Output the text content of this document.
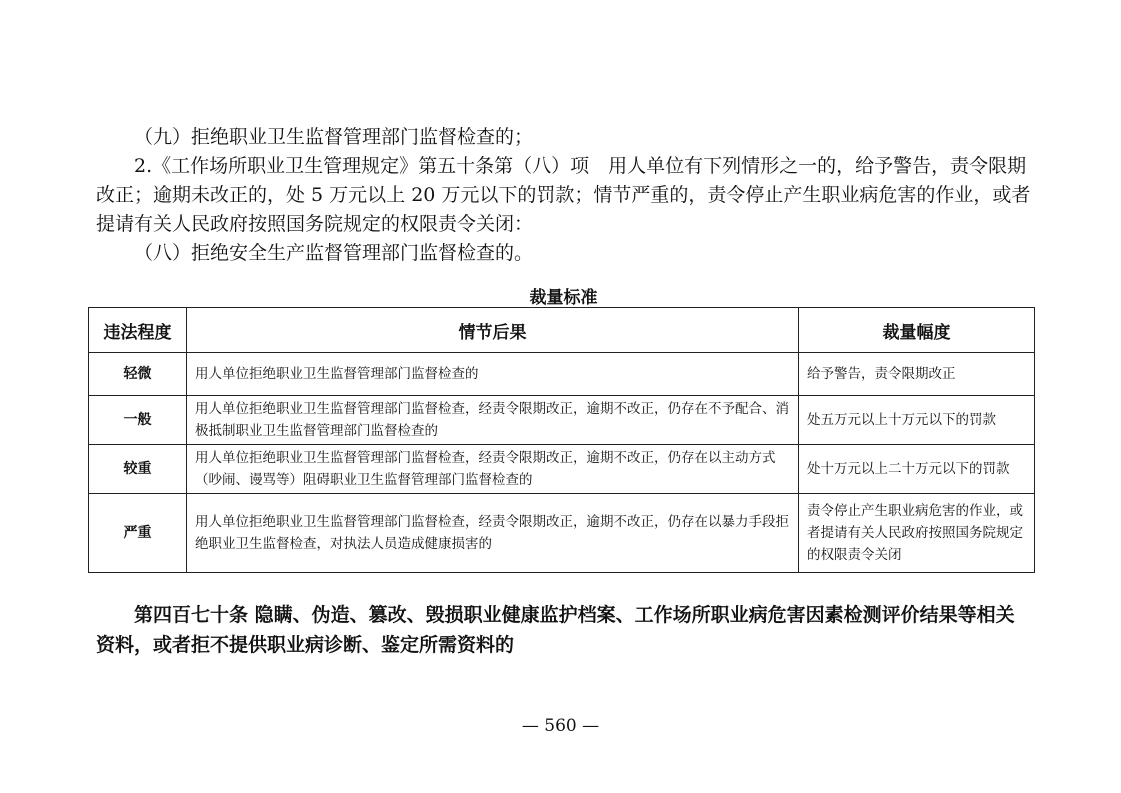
（九）拒绝职业卫生监督管理部门监督检查的；

2.《工作场所职业卫生管理规定》第五十条第（八）项　用人单位有下列情形之一的，给予警告，责令限期改正；逾期未改正的，处 5 万元以上 20 万元以下的罚款；情节严重的，责令停止产生职业病危害的作业，或者提请有关人民政府按照国务院规定的权限责令关闭：

（八）拒绝安全生产监督管理部门监督检查的。

裁量标准
违法程度	情节后果	裁量幅度
轻微	用人单位拒绝职业卫生监督管理部门监督检查的	给予警告，责令限期改正
一般	用人单位拒绝职业卫生监督管理部门监督检查，经责令限期改正，逾期不改正，仍存在不予配合、消极抵制职业卫生监督管理部门监督检查的	处五万元以上十万元以下的罚款
较重	用人单位拒绝职业卫生监督管理部门监督检查，经责令限期改正，逾期不改正，仍存在以主动方式（吵闹、谩骂等）阻碍职业卫生监督管理部门监督检查的	处十万元以上二十万元以下的罚款
严重	用人单位拒绝职业卫生监督管理部门监督检查，经责令限期改正，逾期不改正，仍存在以暴力手段拒绝职业卫生监督检查，对执法人员造成健康损害的	责令停止产生职业病危害的作业，或者提请有关人民政府按照国务院规定的权限责令关闭

第四百七十条 隐瞒、伪造、篡改、毁损职业健康监护档案、工作场所职业病危害因素检测评价结果等相关资料，或者拒不提供职业病诊断、鉴定所需资料的

— 560 —
